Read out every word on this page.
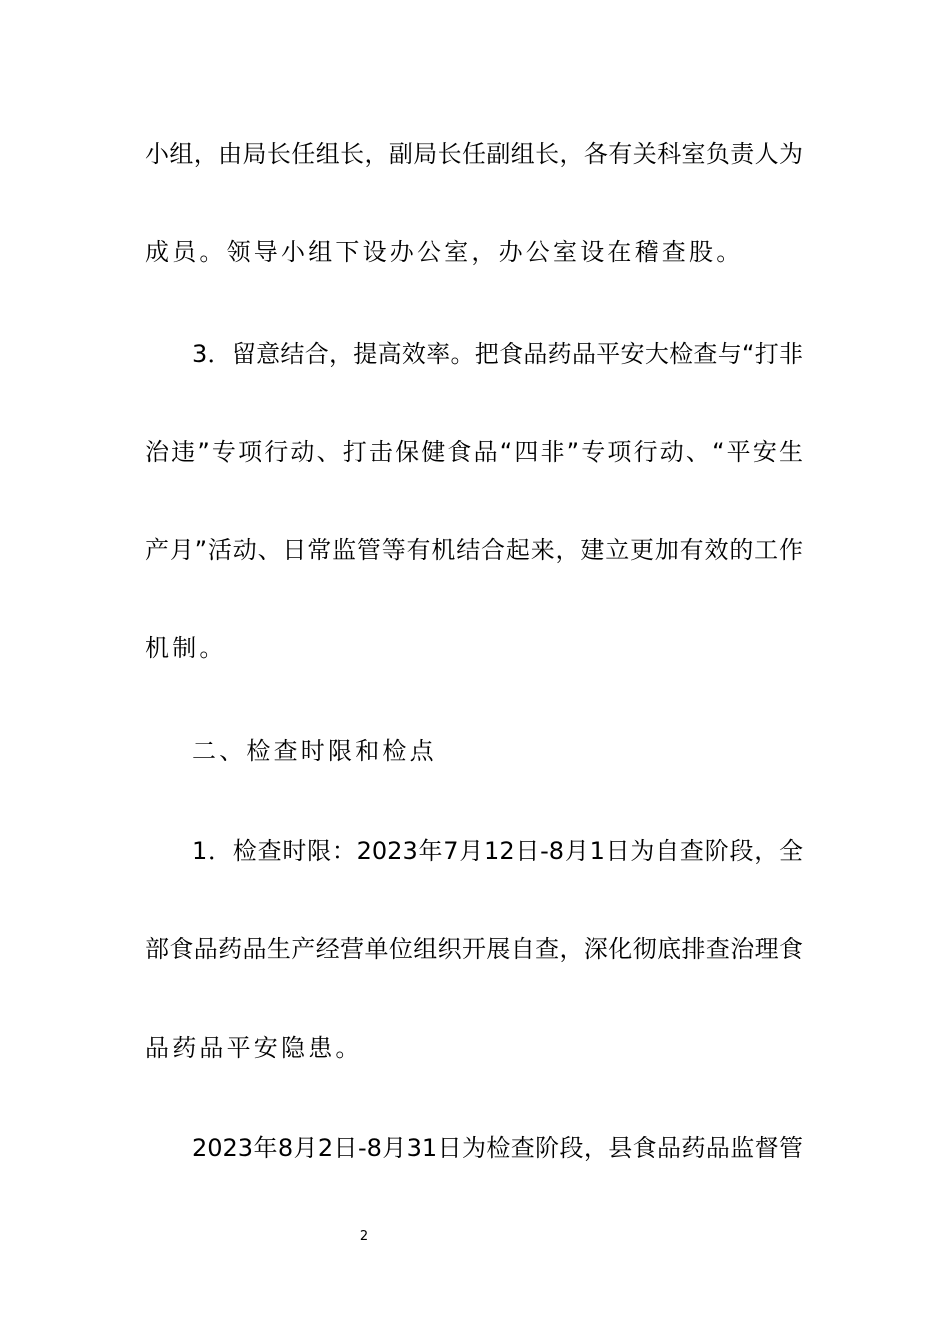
小组，由局长任组长，副局长任副组长，各有关科室负责人为
成员。领导小组下设办公室，办公室设在稽查股。
3．留意结合，提高效率。把食品药品平安大检查与“打非
治违”专项行动、打击保健食品“四非”专项行动、“平安生
产月”活动、日常监管等有机结合起来，建立更加有效的工作
机制。
二、检查时限和检点
1．检查时限：2023年7月12日-8月1日为自查阶段，全
部食品药品生产经营单位组织开展自查，深化彻底排查治理食
品药品平安隐患。
2023年8月2日-8月31日为检查阶段，县食品药品监督管
2
